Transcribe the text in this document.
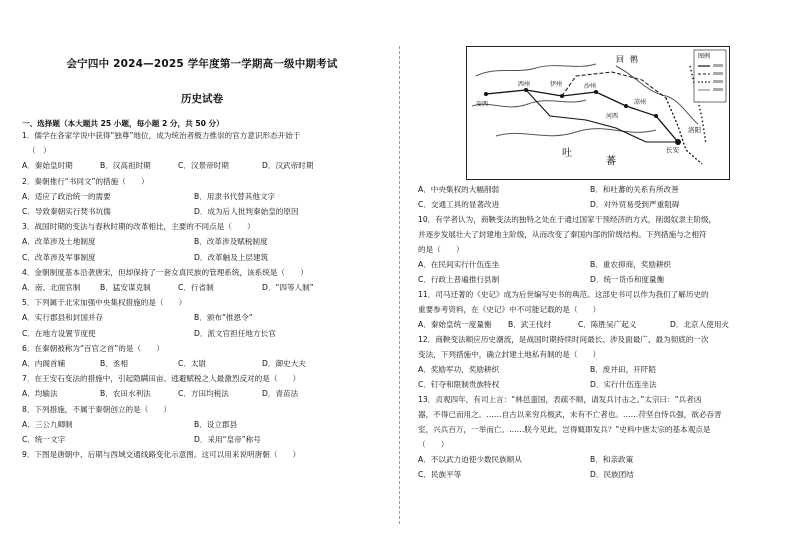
会宁四中 2024—2025 学年度第一学期高一级中期考试
历史试卷
一、选择题（本大题共 25 小题，每小题 2 分，共 50 分）
1．儒学在各家学说中获得“独尊”地位，成为统治者极力推崇的官方意识形态开始于
（　）
A．秦始皇时期	B．汉高祖时期	C．汉景帝时期	D．汉武帝时期
2．秦朝推行“书同文”的措施（　　）
A．适应了政治统一的需要	B．用隶书代替其他文字
C．导致秦朝实行焚书坑儒	D．成为后人批判秦始皇的原因
3．战国时期的变法与春秋时期的改革相比，主要的不同点是（　　）
A．改革涉及土地制度	B．改革涉及赋税制度
C．改革涉及军事制度	D．改革触及上层建筑
4．金朝制度基本沿袭唐宋，但却保持了一套女真民族的管理系统，该系统是（　　）
A．南、北面官制	B．猛安谋克制	C．行省制	D．“四等人制”
5．下列属于北宋加强中央集权措施的是（　　）
A．实行郡县和封国并存	B．颁布“推恩令”
C．在地方设置节度使	D．派文官担任地方长官
6．在秦朝被称为“百官之首”的是（　　）
A．内阁首辅	B．丞相	C．太尉	D．御史大夫
7．在王安石变法的措施中，引起隐瞒田亩、逃避赋税之人最激烈反对的是（　　）
A．均输法	B．农田水利法	C．方田均税法	D．青苗法
8．下列措施，不属于秦朝创立的是（　　）
A．三公九卿制	B．设立郡县
C．统一文字	D．采用“皇帝”称号
9．下图是唐朝中、后期与西域交通线路变化示意图。这可以用来说明唐朝（　　）
吐
蕃
回 鹘
长安
洛阳
西州	沙州
伊州
凉州
河西
安西
图例
A．中央集权的大幅削弱	B．和吐蕃的关系有所改善
C．交通工具的显著改进	D．对外贸易受到严重阻碍
10．有学者认为，商鞅变法的独特之处在于通过国家干预经济的方式，削弱奴隶主阶级，
并逐步发展壮大了封建地主阶级，从而改变了秦国内部的阶级结构。下列措施与之相符
的是（　　）
A．在民间实行什伍连坐	B．重农抑商，奖励耕织
C．行政上普遍推行县制	D．统一货币和度量衡
11．司马迁著的《史记》成为后世编写史书的典范。这部史书可以作为我们了解历史的
重要参考资料，在《史记》中不可能记载的是（　　）
A．秦始皇统一度量衡 B．武王伐纣	C．陈胜吴广起义	D．北京人使用火
12．商鞅变法顺应历史潮流，是战国时期持续时间最长、涉及面最广、最为彻底的一次
变法，下列措施中，确立封建土地私有制的是（　　）
A．奖励军功，奖励耕织	B．废井田，开阡陌
C．钉夺和限制贵族特权	D．实行什伍连坐法
13．贞观四年，有司上言：“林邑蛮国，表疏不顺，请发兵讨击之。”太宗曰：“兵者凶
器，不得已而用之。……自古以来穷兵极武，未有不亡者也。……苻坚自恃兵强，欲必吞晋
室，兴兵百万，一举而亡。……朕今见此，岂得辄即发兵？”史料中唐太宗的基本观点是
（　　）
A．不以武力迫使少数民族顺从	B．和亲政策
C．民族平等	D．民族团结
